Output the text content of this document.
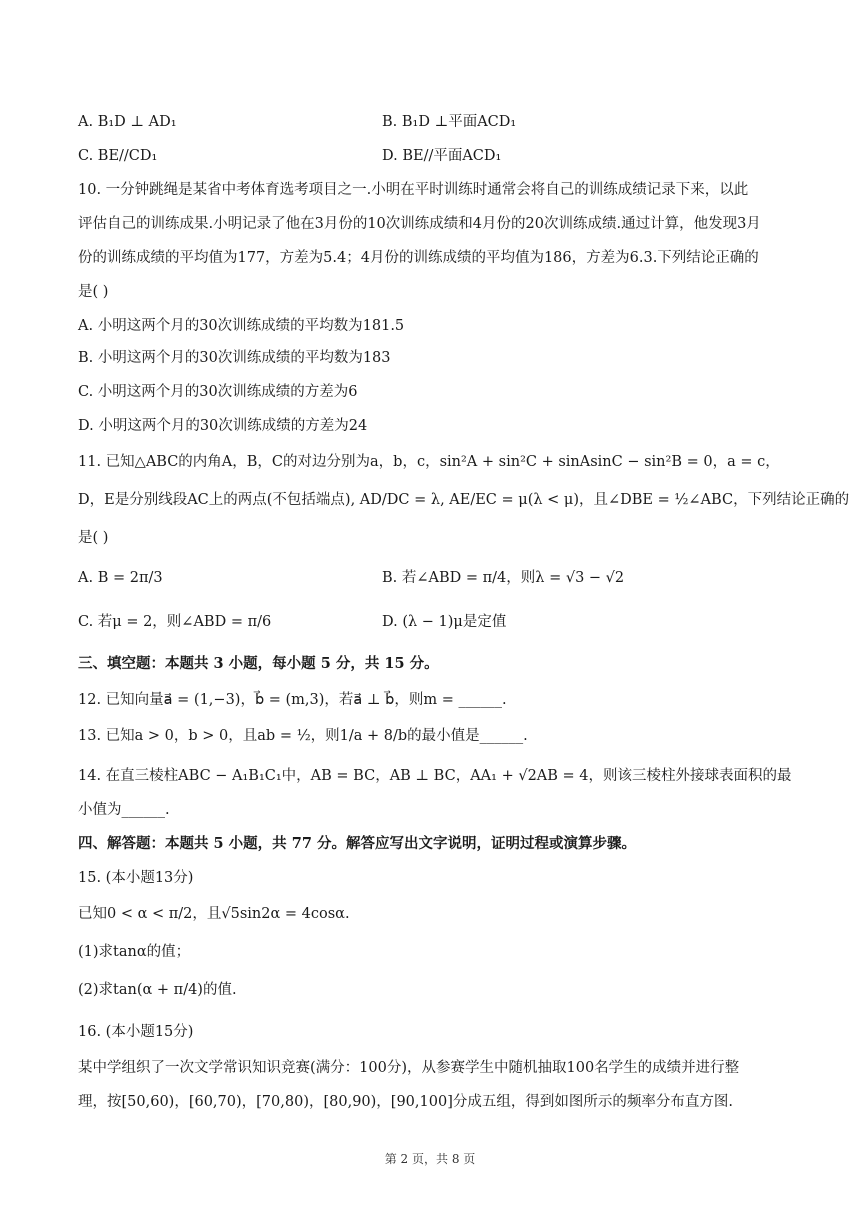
A. B₁D ⊥ AD₁	B. B₁D ⊥平面ACD₁
C. BE//CD₁	D. BE//平面ACD₁
10. 一分钟跳绳是某省中考体育选考项目之一.小明在平时训练时通常会将自己的训练成绩记录下来，以此
评估自己的训练成果.小明记录了他在3月份的10次训练成绩和4月份的20次训练成绩.通过计算，他发现3月
份的训练成绩的平均值为177，方差为5.4；4月份的训练成绩的平均值为186，方差为6.3.下列结论正确的
是( )
A. 小明这两个月的30次训练成绩的平均数为181.5
B. 小明这两个月的30次训练成绩的平均数为183
C. 小明这两个月的30次训练成绩的方差为6
D. 小明这两个月的30次训练成绩的方差为24
11. 已知△ABC的内角A，B，C的对边分别为a，b，c，sin²A + sin²C + sinAsinC − sin²B = 0，a = c，
D，E是分别线段AC上的两点(不包括端点), AD/DC = λ, AE/EC = μ(λ < μ)，且∠DBE = ½∠ABC，下列结论正确的
是( )
A. B = 2π/3	B. 若∠ABD = π/4，则λ = √3 − √2
C. 若μ = 2，则∠ABD = π/6	D. (λ − 1)μ是定值
三、填空题：本题共 3 小题，每小题 5 分，共 15 分。
12. 已知向量a⃗ = (1,−3)，b⃗ = (m,3)，若a⃗ ⊥ b⃗，则m = ______.
13. 已知a > 0，b > 0，且ab = ½，则1/a + 8/b的最小值是______.
14. 在直三棱柱ABC − A₁B₁C₁中，AB = BC，AB ⊥ BC，AA₁ + √2AB = 4，则该三棱柱外接球表面积的最
小值为______.
四、解答题：本题共 5 小题，共 77 分。解答应写出文字说明，证明过程或演算步骤。
15. (本小题13分)
已知0 < α < π/2，且√5sin2α = 4cosα.
(1)求tanα的值；
(2)求tan(α + π/4)的值.
16. (本小题15分)
某中学组织了一次文学常识知识竞赛(满分：100分)，从参赛学生中随机抽取100名学生的成绩并进行整
理，按[50,60)，[60,70)，[70,80)，[80,90)，[90,100]分成五组，得到如图所示的频率分布直方图.
第 2 页，共 8 页
